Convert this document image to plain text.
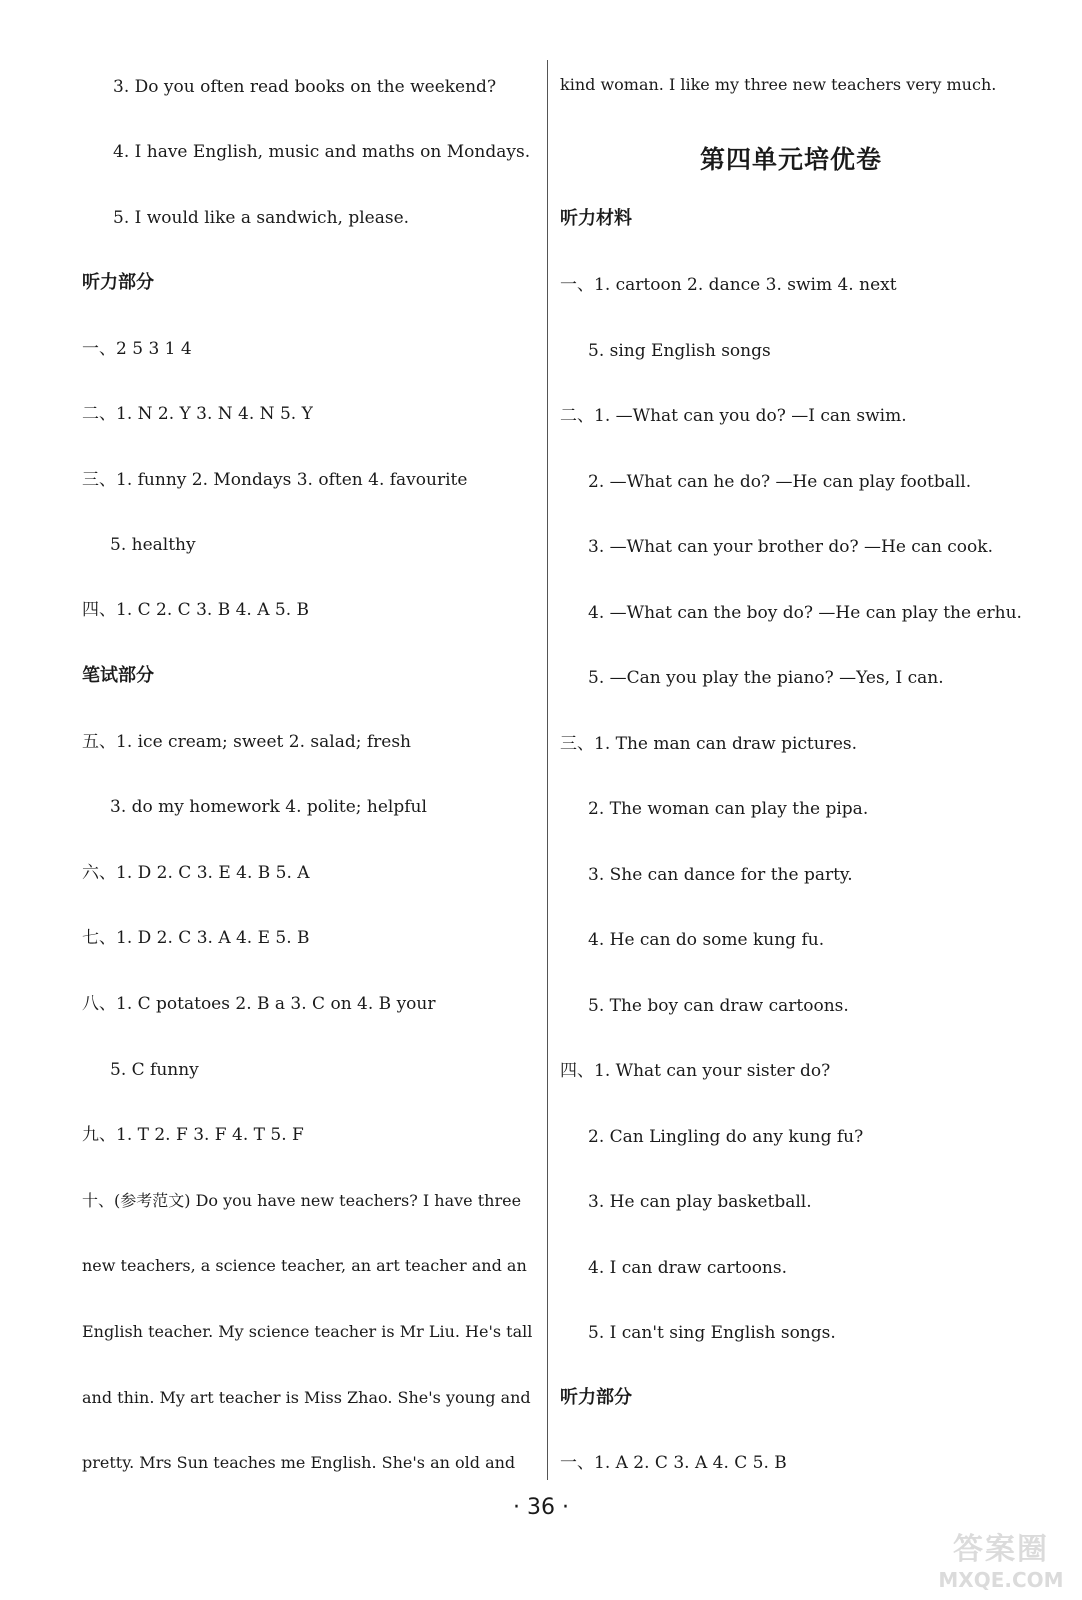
3. Do you often read books on the weekend?
4. I have English, music and maths on Mondays.
5. I would like a sandwich, please.
听力部分
一、2 5 3 1 4
二、1. N 2. Y 3. N 4. N 5. Y
三、1. funny 2. Mondays 3. often 4. favourite
5. healthy
四、1. C 2. C 3. B 4. A 5. B
笔试部分
五、1. ice cream; sweet 2. salad; fresh
3. do my homework 4. polite; helpful
六、1. D 2. C 3. E 4. B 5. A
七、1. D 2. C 3. A 4. E 5. B
八、1. C potatoes 2. B a 3. C on 4. B your
5. C funny
九、1. T 2. F 3. F 4. T 5. F
十、(参考范文) Do you have new teachers? I have three
new teachers, a science teacher, an art teacher and an
English teacher. My science teacher is Mr Liu. He's tall
and thin. My art teacher is Miss Zhao. She's young and
pretty. Mrs Sun teaches me English. She's an old and
kind woman. I like my three new teachers very much.
第四单元培优卷
听力材料
一、1. cartoon 2. dance 3. swim 4. next
5. sing English songs
二、1. —What can you do? —I can swim.
2. —What can he do? —He can play football.
3. —What can your brother do? —He can cook.
4. —What can the boy do? —He can play the erhu.
5. —Can you play the piano? —Yes, I can.
三、1. The man can draw pictures.
2. The woman can play the pipa.
3. She can dance for the party.
4. He can do some kung fu.
5. The boy can draw cartoons.
四、1. What can your sister do?
2. Can Lingling do any kung fu?
3. He can play basketball.
4. I can draw cartoons.
5. I can't sing English songs.
听力部分
一、1. A 2. C 3. A 4. C 5. B
· 36 ·
答案圈
MXQE.COM
